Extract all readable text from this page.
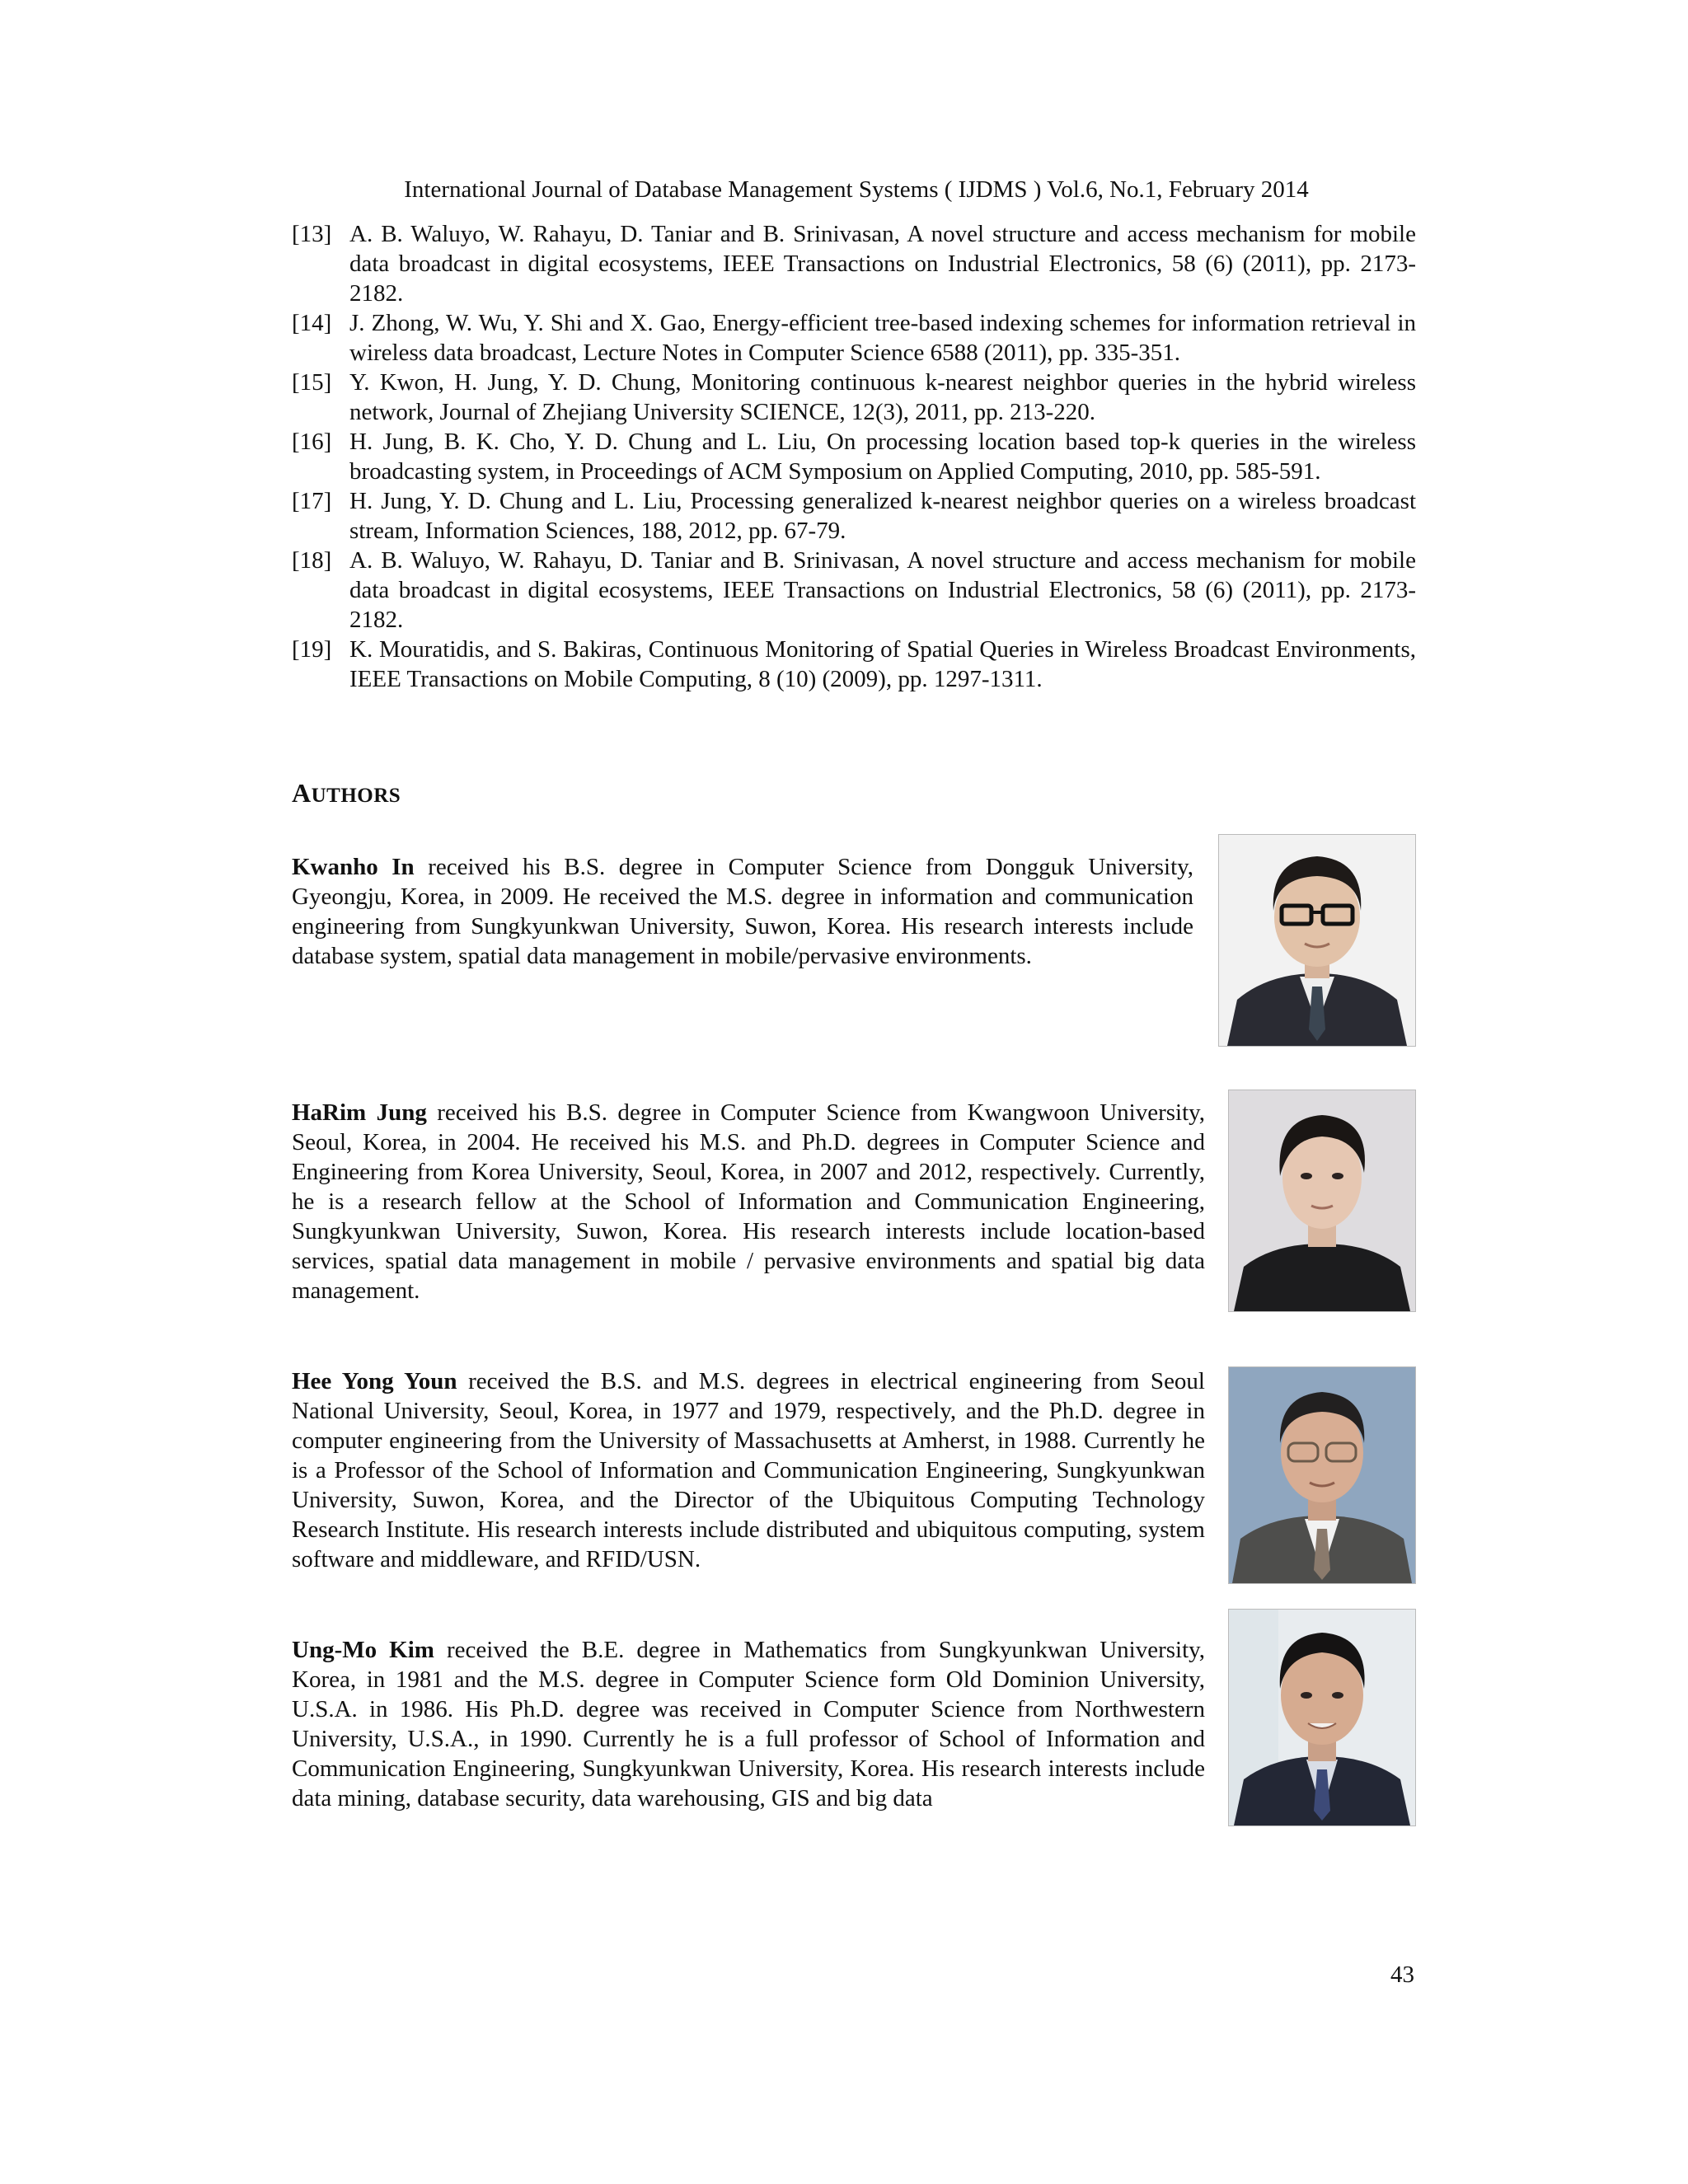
International Journal of Database Management Systems ( IJDMS ) Vol.6, No.1, February 2014

[13] A. B. Waluyo, W. Rahayu, D. Taniar and B. Srinivasan, A novel structure and access mechanism for mobile data broadcast in digital ecosystems, IEEE Transactions on Industrial Electronics, 58 (6) (2011), pp. 2173-2182.

[14] J. Zhong, W. Wu, Y. Shi and X. Gao, Energy-efficient tree-based indexing schemes for information retrieval in wireless data broadcast, Lecture Notes in Computer Science 6588 (2011), pp. 335-351.

[15] Y. Kwon, H. Jung, Y. D. Chung, Monitoring continuous k-nearest neighbor queries in the hybrid wireless network, Journal of Zhejiang University SCIENCE, 12(3), 2011, pp. 213-220.

[16] H. Jung, B. K. Cho, Y. D. Chung and L. Liu, On processing location based top-k queries in the wireless broadcasting system, in Proceedings of ACM Symposium on Applied Computing, 2010, pp. 585-591.

[17] H. Jung, Y. D. Chung and L. Liu, Processing generalized k-nearest neighbor queries on a wireless broadcast stream, Information Sciences, 188, 2012, pp. 67-79.

[18] A. B. Waluyo, W. Rahayu, D. Taniar and B. Srinivasan, A novel structure and access mechanism for mobile data broadcast in digital ecosystems, IEEE Transactions on Industrial Electronics, 58 (6) (2011), pp. 2173-2182.

[19] K. Mouratidis, and S. Bakiras, Continuous Monitoring of Spatial Queries in Wireless Broadcast Environments, IEEE Transactions on Mobile Computing, 8 (10) (2009), pp. 1297-1311.

AUTHORS

Kwanho In received his B.S. degree in Computer Science from Dongguk University, Gyeongju, Korea, in 2009. He received the M.S. degree in information and communication engineering from Sungkyunkwan University, Suwon, Korea. His research interests include database system, spatial data management in mobile/pervasive environments.

HaRim Jung received his B.S. degree in Computer Science from Kwangwoon University, Seoul, Korea, in 2004. He received his M.S. and Ph.D. degrees in Computer Science and Engineering from Korea University, Seoul, Korea, in 2007 and 2012, respectively. Currently, he is a research fellow at the School of Information and Communication Engineering, Sungkyunkwan University, Suwon, Korea. His research interests include location-based services, spatial data management in mobile / pervasive environments and spatial big data management.

Hee Yong Youn received the B.S. and M.S. degrees in electrical engineering from Seoul National University, Seoul, Korea, in 1977 and 1979, respectively, and the Ph.D. degree in computer engineering from the University of Massachusetts at Amherst, in 1988. Currently he is a Professor of the School of Information and Communication Engineering, Sungkyunkwan University, Suwon, Korea, and the Director of the Ubiquitous Computing Technology Research Institute. His research interests include distributed and ubiquitous computing, system software and middleware, and RFID/USN.

Ung-Mo Kim received the B.E. degree in Mathematics from Sungkyunkwan University, Korea, in 1981 and the M.S. degree in Computer Science form Old Dominion University, U.S.A. in 1986. His Ph.D. degree was received in Computer Science from Northwestern University, U.S.A., in 1990. Currently he is a full professor of School of Information and Communication Engineering, Sungkyunkwan University, Korea. His research interests include data mining, database security, data warehousing, GIS and big data

43
